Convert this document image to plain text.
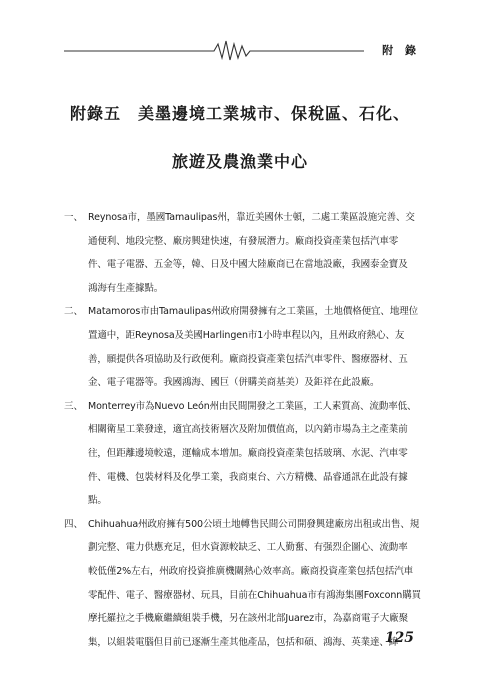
附 錄
附錄五　美墨邊境工業城市、保稅區、石化、
旅遊及農漁業中心
一、 Reynosa市，墨國Tamaulipas州，靠近美國休士頓，二處工業區設施完善、交
通便利、地段完整、廠房興建快速，有發展潛力。廠商投資產業包括汽車零
件、電子電器、五金等，韓、日及中國大陸廠商已在當地設廠，我國泰金寶及
鴻海有生產據點。
二、 Matamoros市由Tamaulipas州政府開發擁有之工業區，土地價格便宜、地理位
置適中，距Reynosa及美國Harlingen市1小時車程以內，且州政府熱心、友
善，願提供各項協助及行政便利。廠商投資產業包括汽車零件、醫療器材、五
金、電子電器等。我國鴻海、國巨（併購美商基美）及鉅祥在此設廠。
三、 Monterrey市為Nuevo León州由民間開發之工業區，工人素質高、流動率低、
相關衛星工業發達，適宜高技術層次及附加價值高，以內銷市場為主之產業前
往，但距離邊境較遠，運輸成本增加。廠商投資產業包括玻璃、水泥、汽車零
件、電機、包裝材料及化學工業，我商東台、六方精機、晶睿通訊在此設有據
點。
四、 Chihuahua州政府擁有500公頃土地轉售民間公司開發興建廠房出租或出售、規
劃完整、電力供應充足，但水資源較缺乏、工人勤奮、有强烈企圖心、流動率
較低僅2%左右，州政府投資推廣機關熱心效率高。廠商投資產業包括包括汽車
零配件、電子、醫療器材、玩具，目前在Chihuahua市有鴻海集團Foxconn購買
摩托羅拉之手機廠繼續組裝手機，另在該州北部Juarez市，為嘉商電子大廠聚
集，以組裝電腦但目前已逐漸生產其他產品，包括和碩、鴻海、英業達、緯
125
